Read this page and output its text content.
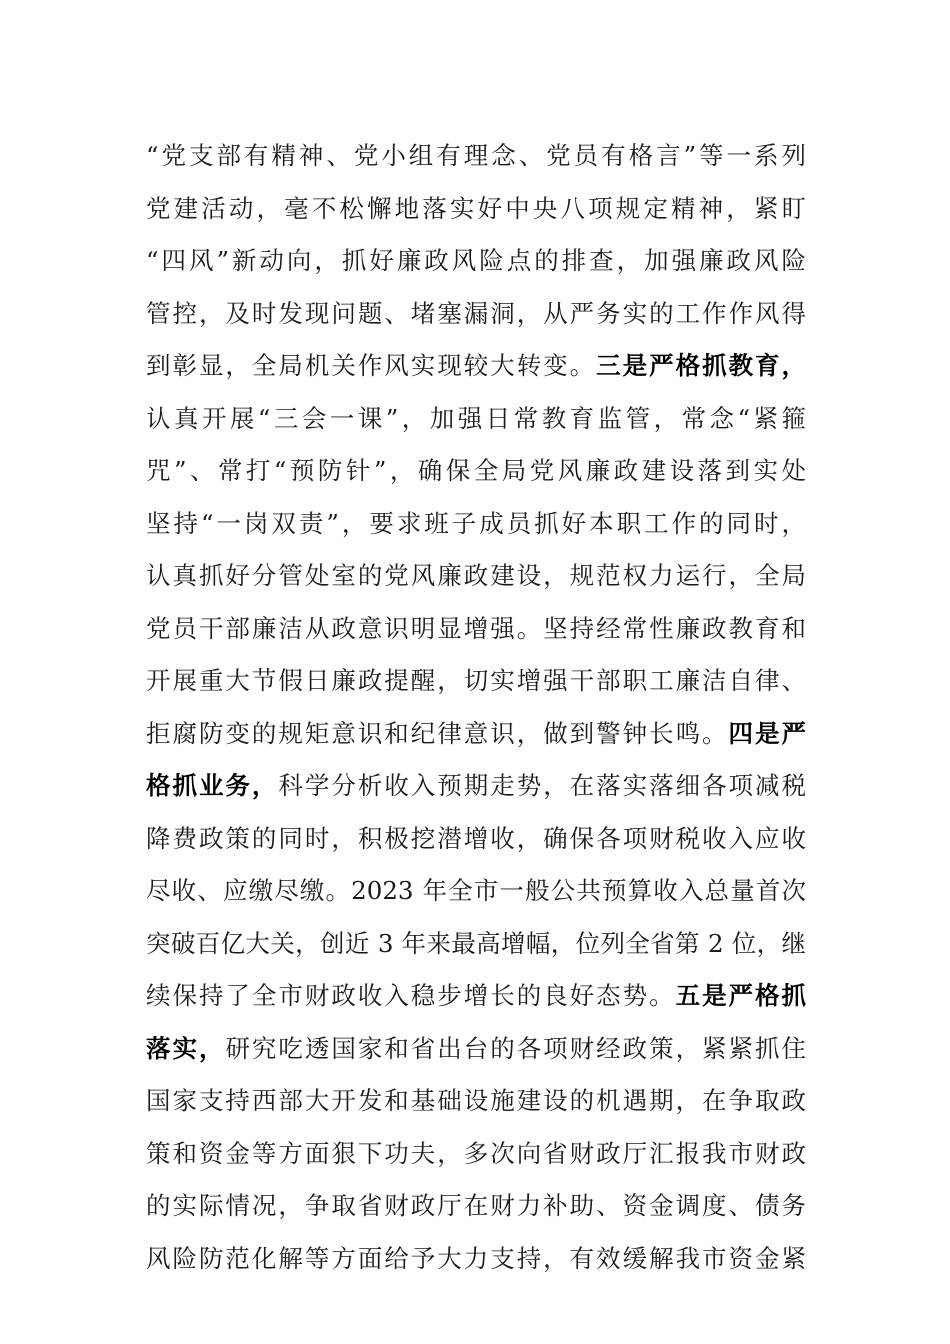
“党支部有精神、党小组有理念、党员有格言”等一系列
党建活动，毫不松懈地落实好中央八项规定精神，紧盯
“四风”新动向，抓好廉政风险点的排查，加强廉政风险
管控，及时发现问题、堵塞漏洞，从严务实的工作作风得
到彰显，全局机关作风实现较大转变。三是严格抓教育，
认真开展“三会一课”，加强日常教育监管，常念“紧箍
咒”、常打“预防针”，确保全局党风廉政建设落到实处
坚持“一岗双责”，要求班子成员抓好本职工作的同时，
认真抓好分管处室的党风廉政建设，规范权力运行，全局
党员干部廉洁从政意识明显增强。坚持经常性廉政教育和
开展重大节假日廉政提醒，切实增强干部职工廉洁自律、
拒腐防变的规矩意识和纪律意识，做到警钟长鸣。四是严
格抓业务，科学分析收入预期走势，在落实落细各项减税
降费政策的同时，积极挖潜增收，确保各项财税收入应收
尽收、应缴尽缴。2023 年全市一般公共预算收入总量首次
突破百亿大关，创近 3 年来最高增幅，位列全省第 2 位，继
续保持了全市财政收入稳步增长的良好态势。五是严格抓
落实，研究吃透国家和省出台的各项财经政策，紧紧抓住
国家支持西部大开发和基础设施建设的机遇期，在争取政
策和资金等方面狠下功夫，多次向省财政厅汇报我市财政
的实际情况，争取省财政厅在财力补助、资金调度、债务
风险防范化解等方面给予大力支持，有效缓解我市资金紧
